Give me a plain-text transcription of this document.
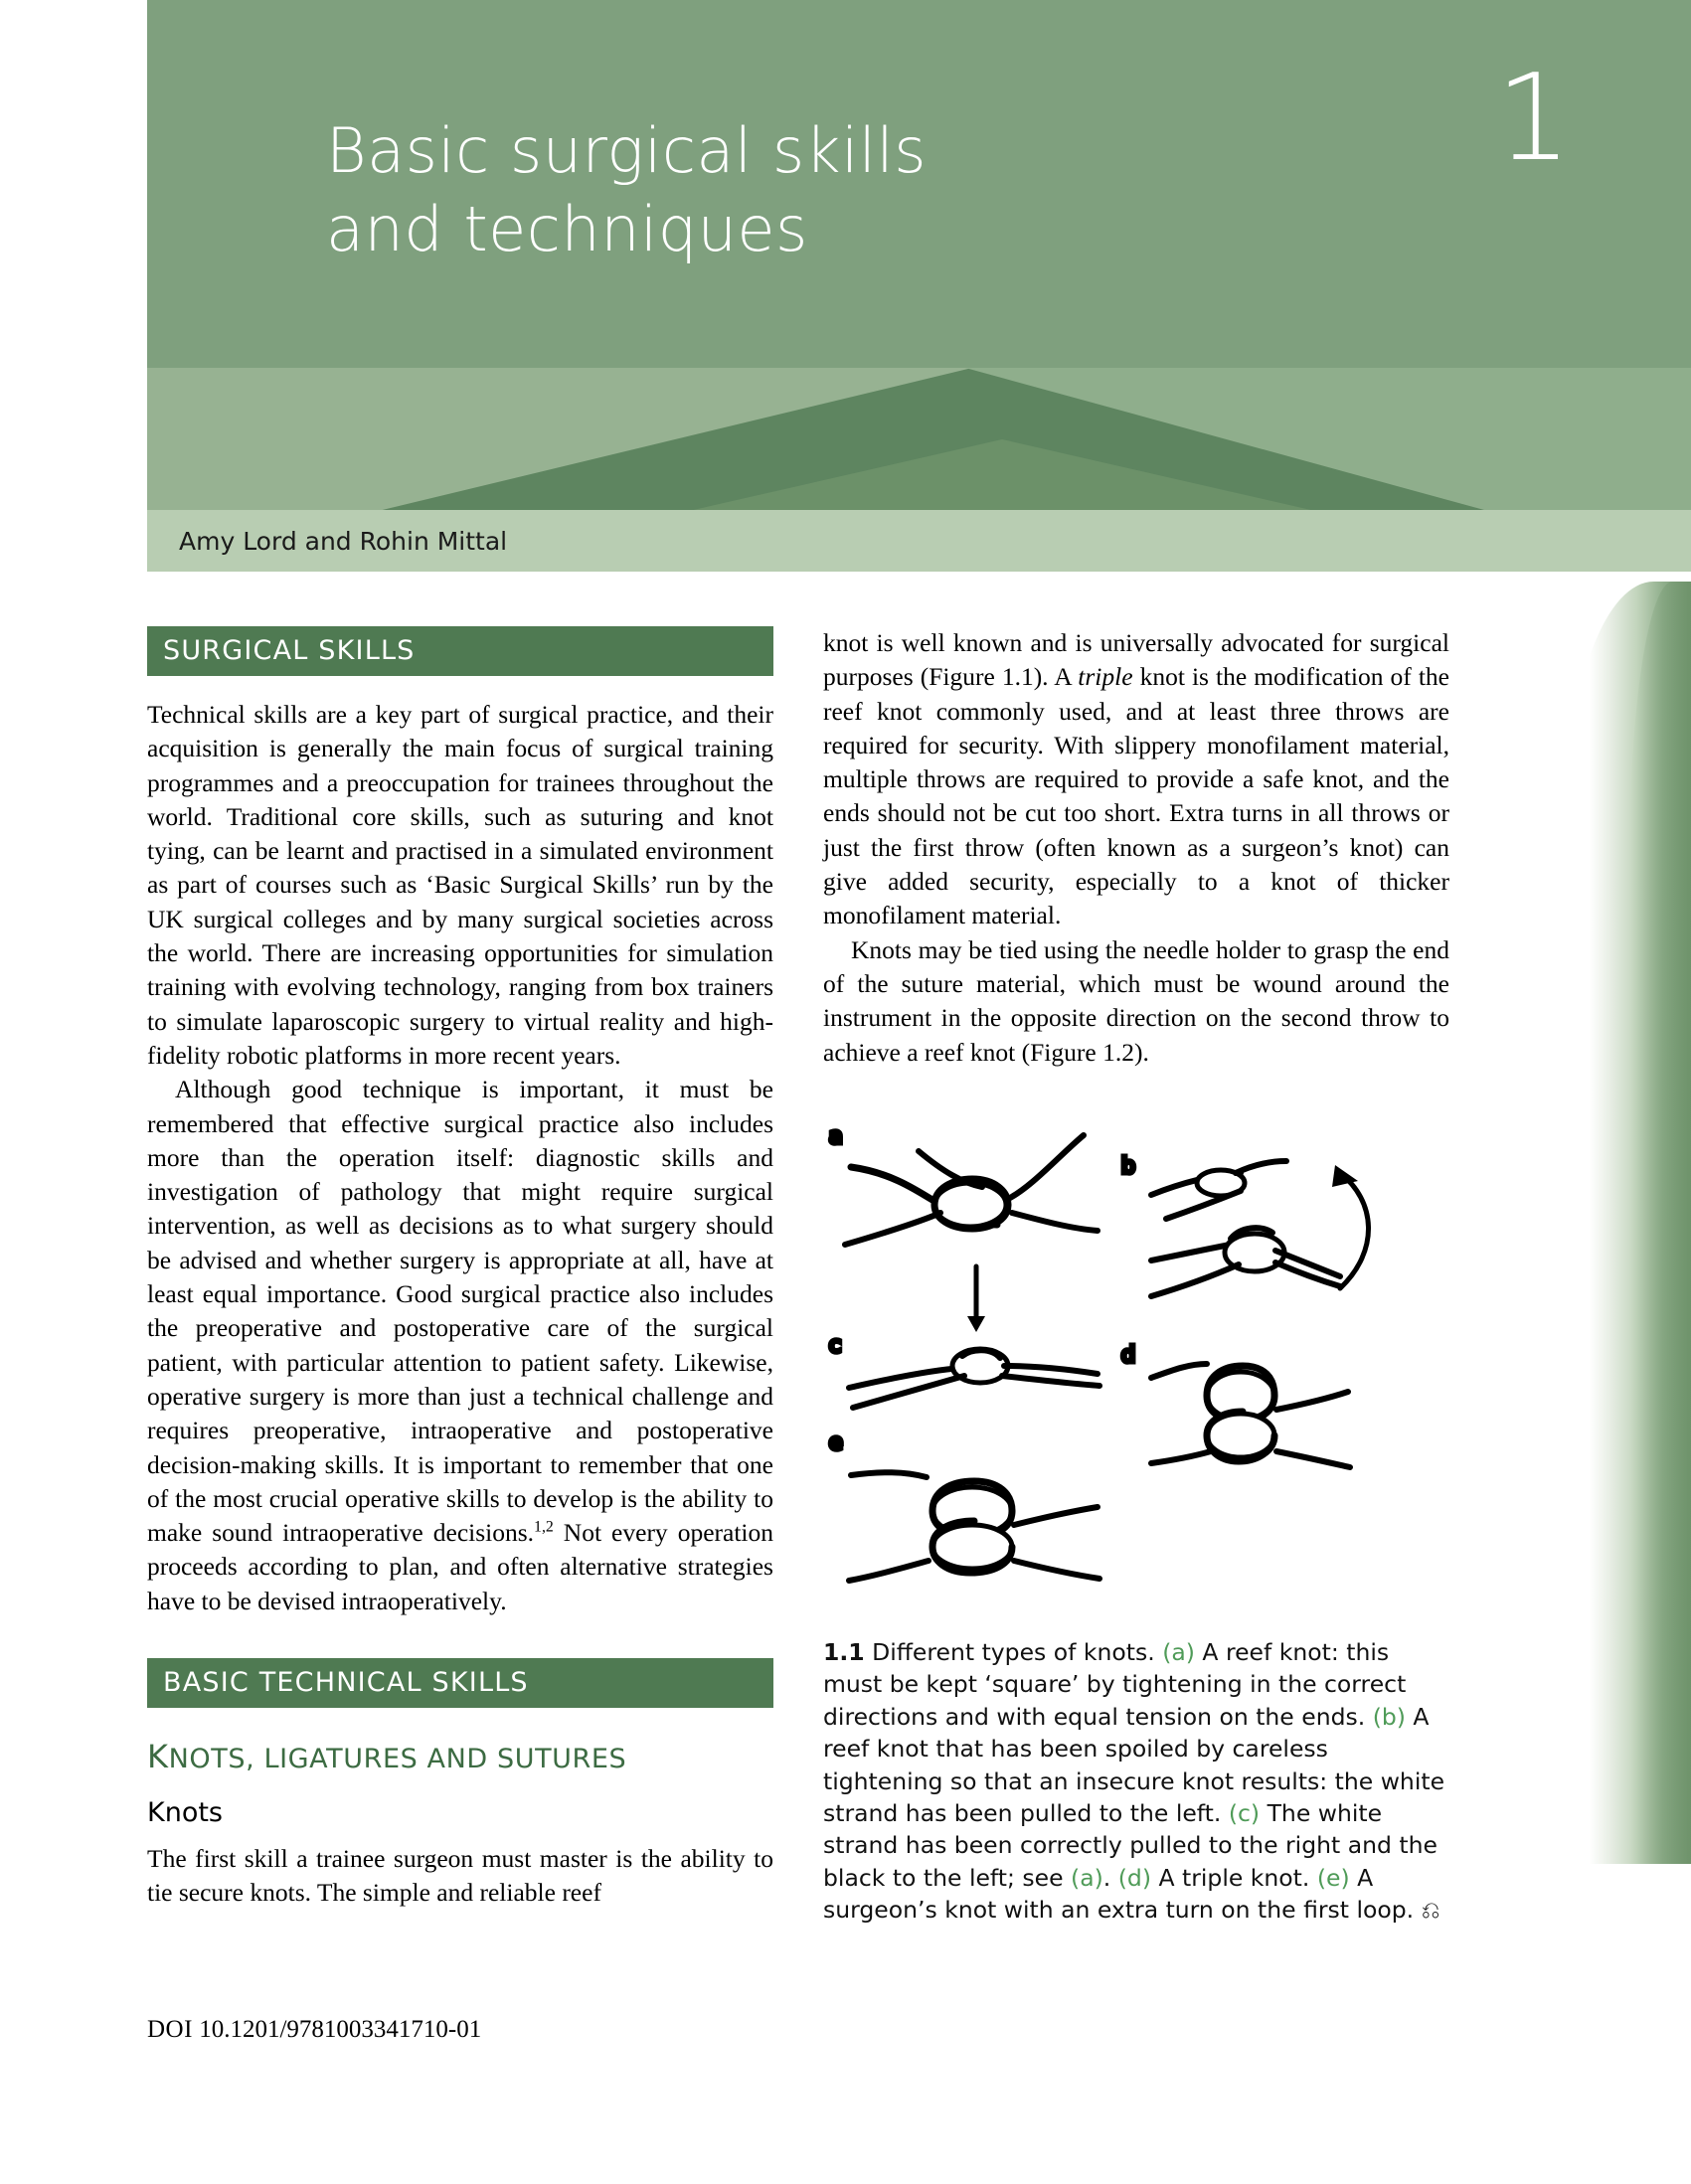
Basic surgical skills
and techniques
1
Amy Lord and Rohin Mittal
SURGICAL SKILLS

Technical skills are a key part of surgical practice, and their acquisition is generally the main focus of surgical training programmes and a preoccupation for trainees throughout the world. Traditional core skills, such as suturing and knot tying, can be learnt and practised in a simulated environment as part of courses such as ‘Basic Surgical Skills’ run by the UK surgical colleges and by many surgical societies across the world. There are increasing opportunities for simulation training with evolving technology, ranging from box trainers to simulate laparoscopic surgery to virtual reality and high-fidelity robotic platforms in more recent years.

Although good technique is important, it must be remembered that effective surgical practice also includes more than the operation itself: diagnostic skills and investigation of pathology that might require surgical intervention, as well as decisions as to what surgery should be advised and whether surgery is appropriate at all, have at least equal importance. Good surgical practice also includes the preoperative and postoperative care of the surgical patient, with particular attention to patient safety. Likewise, operative surgery is more than just a technical challenge and requires preoperative, intraoperative and postoperative decision-making skills. It is important to remember that one of the most crucial operative skills to develop is the ability to make sound intraoperative decisions.$^{1,2}$ Not every operation proceeds according to plan, and often alternative strategies have to be devised intraoperatively.

BASIC TECHNICAL SKILLS
KNOTS, LIGATURES AND SUTURES
Knots

The first skill a trainee surgeon must master is the ability to tie secure knots. The simple and reliable reef

knot is well known and is universally advocated for surgical purposes (Figure 1.1). A triple knot is the modification of the reef knot commonly used, and at least three throws are required for security. With slippery monofilament material, multiple throws are required to provide a safe knot, and the ends should not be cut too short. Extra turns in all throws or just the first throw (often known as a surgeon’s knot) can give added security, especially to a knot of thicker monofilament material.

Knots may be tied using the needle holder to grasp the end of the suture material, which must be wound around the instrument in the opposite direction on the second throw to achieve a reef knot (Figure 1.2).

a
b
c	d
e
1.1 Different types of knots. (a) A reef knot: this must be kept ‘square’ by tightening in the correct directions and with equal tension on the ends. (b) A reef knot that has been spoiled by careless tightening so that an insecure knot results: the white strand has been pulled to the left. (c) The white strand has been correctly pulled to the right and the black to the left; see (a). (d) A triple knot. (e) A surgeon’s knot with an extra turn on the first loop. ⎌
DOI 10.1201/9781003341710-01
